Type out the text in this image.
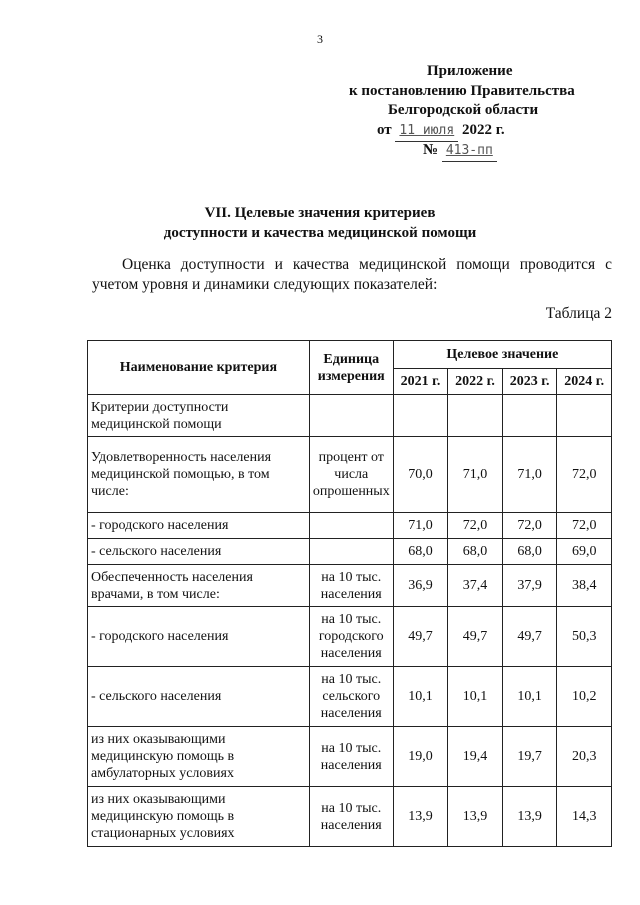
3
Приложение
к постановлению Правительства
Белгородской области
от 11 июля 2022 г.
№ 413-пп
VII. Целевые значения критериев
доступности и качества медицинской помощи
Оценка доступности и качества медицинской помощи проводится с учетом уровня и динамики следующих показателей:
Таблица 2
Наименование критерия	Единица измерения	Целевое значение			
		2021 г.	2022 г.	2023 г.	2024 г.
Критерии доступности медицинской помощи					
Удовлетворенность населения медицинской помощью, в том числе:	процент от числа опрошенных	70,0	71,0	71,0	72,0
- городского населения		71,0	72,0	72,0	72,0
- сельского населения		68,0	68,0	68,0	69,0
Обеспеченность населения врачами, в том числе:	на 10 тыс. населения	36,9	37,4	37,9	38,4
- городского населения	на 10 тыс. городского населения	49,7	49,7	49,7	50,3
- сельского населения	на 10 тыс. сельского населения	10,1	10,1	10,1	10,2
из них оказывающими медицинскую помощь в амбулаторных условиях	на 10 тыс. населения	19,0	19,4	19,7	20,3
из них оказывающими медицинскую помощь в стационарных условиях	на 10 тыс. населения	13,9	13,9	13,9	14,3
